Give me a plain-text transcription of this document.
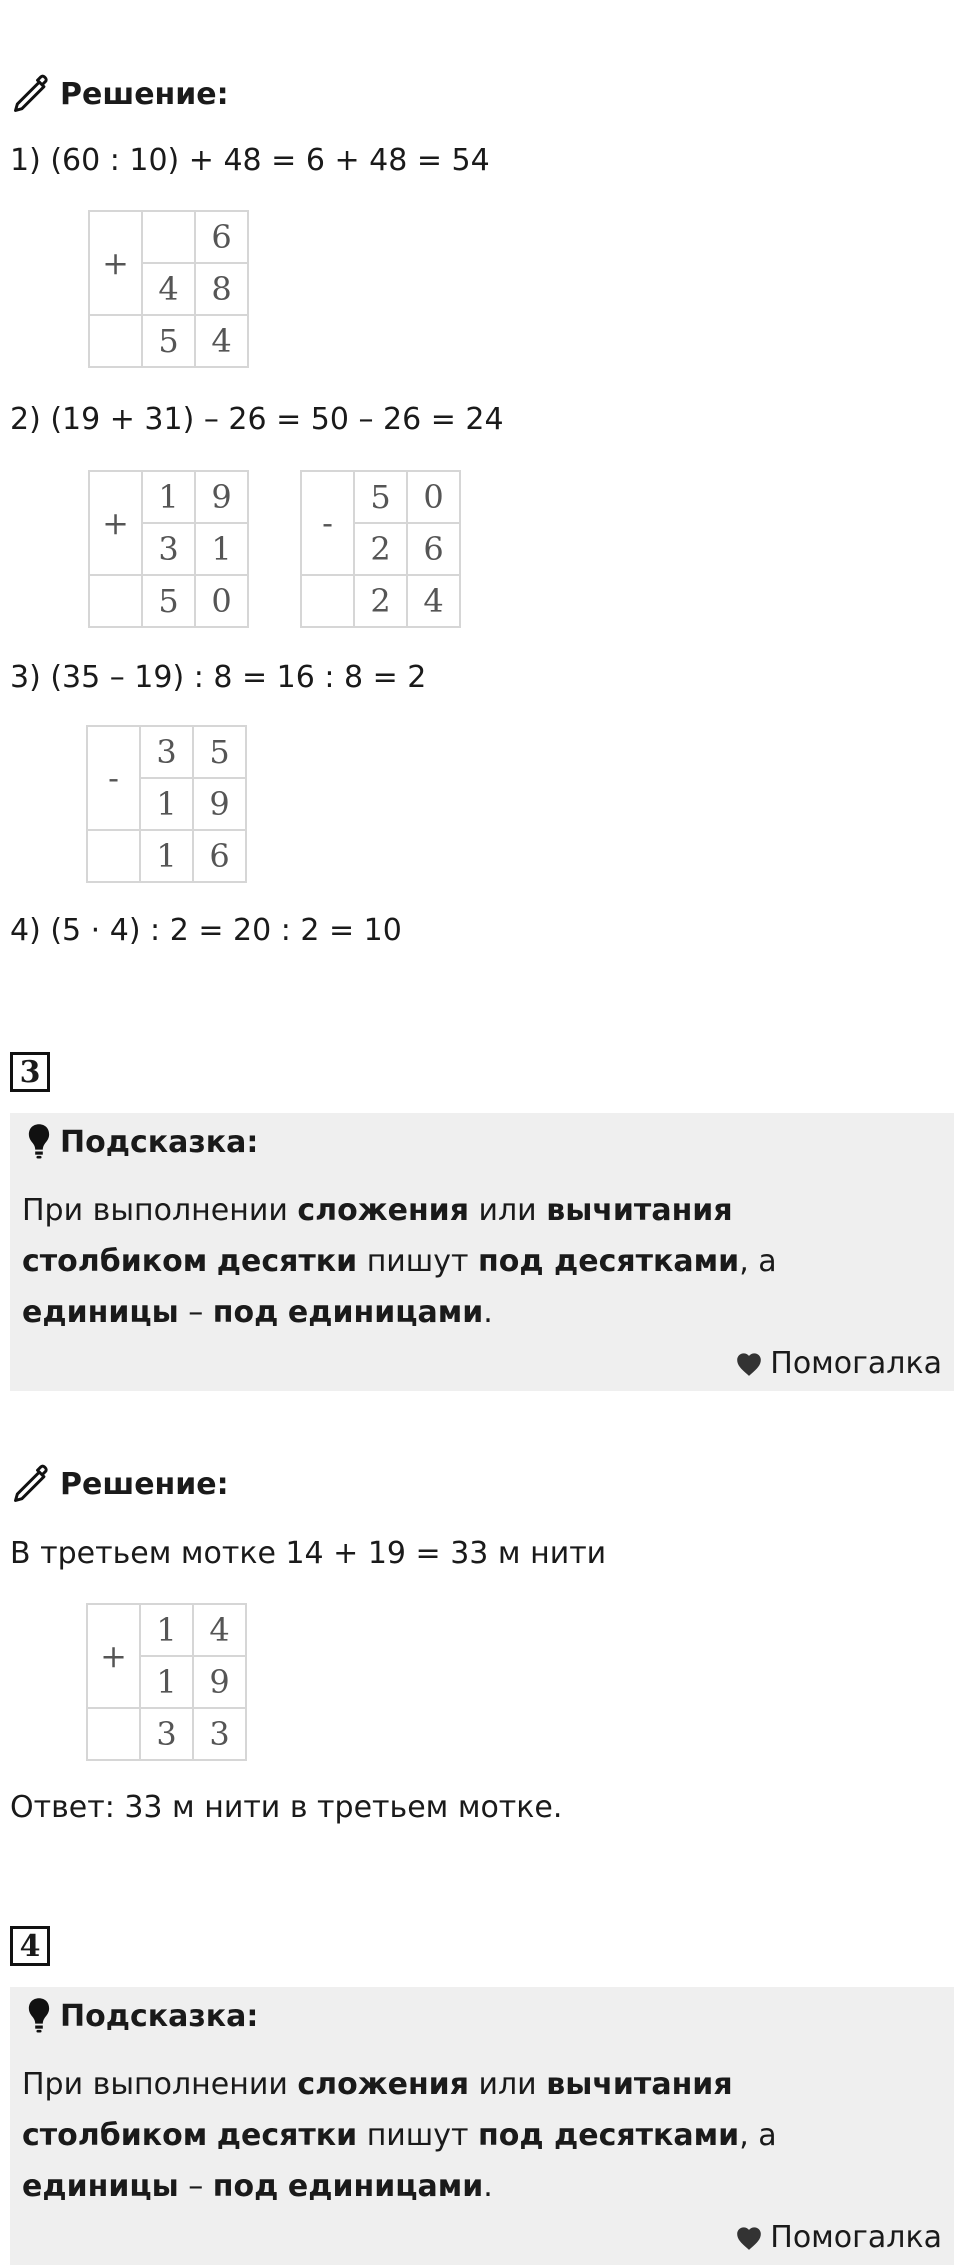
Решение:
1) (60 : 10) + 48 = 6 + 48 = 54
+		6
	4	8
	5	4
2) (19 + 31) – 26 = 50 – 26 = 24
+	1	9
	3	1
	5	0
-	5	0
	2	6
	2	4
3) (35 – 19) : 8 = 16 : 8 = 2
-	3	5
	1	9
	1	6
4) (5 · 4) : 2 = 20 : 2 = 10
3
Подсказка:
При выполнении сложения или вычитания столбиком десятки пишут под десятками, а единицы – под единицами.
Помогалка
Решение:
В третьем мотке 14 + 19 = 33 м нити
+	1	4
	1	9
	3	3
Ответ: 33 м нити в третьем мотке.
4
Подсказка:
При выполнении сложения или вычитания столбиком десятки пишут под десятками, а единицы – под единицами.
Помогалка
